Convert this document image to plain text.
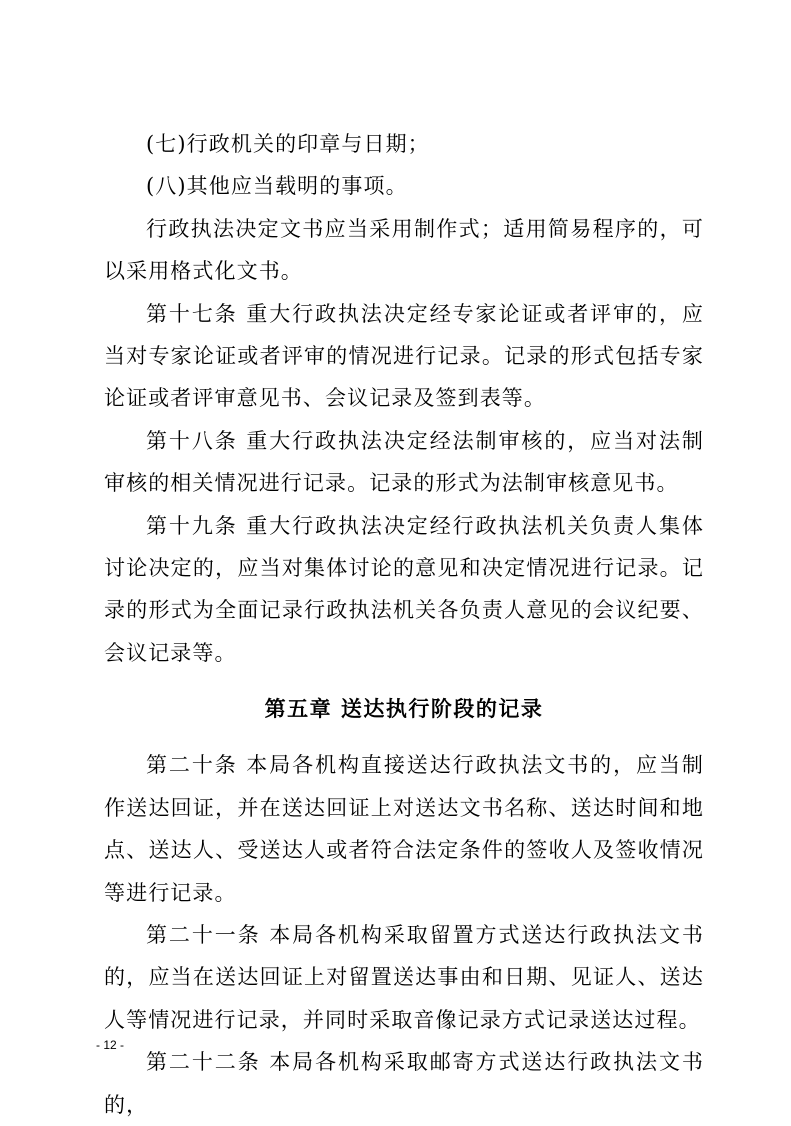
(七)行政机关的印章与日期；

(八)其他应当载明的事项。

行政执法决定文书应当采用制作式；适用简易程序的，可以采用格式化文书。

第十七条 重大行政执法决定经专家论证或者评审的，应当对专家论证或者评审的情况进行记录。记录的形式包括专家论证或者评审意见书、会议记录及签到表等。

第十八条 重大行政执法决定经法制审核的，应当对法制审核的相关情况进行记录。记录的形式为法制审核意见书。

第十九条 重大行政执法决定经行政执法机关负责人集体讨论决定的，应当对集体讨论的意见和决定情况进行记录。记录的形式为全面记录行政执法机关各负责人意见的会议纪要、会议记录等。

第五章 送达执行阶段的记录

第二十条 本局各机构直接送达行政执法文书的，应当制作送达回证，并在送达回证上对送达文书名称、送达时间和地点、送达人、受送达人或者符合法定条件的签收人及签收情况等进行记录。

第二十一条 本局各机构采取留置方式送达行政执法文书的，应当在送达回证上对留置送达事由和日期、见证人、送达人等情况进行记录，并同时采取音像记录方式记录送达过程。

第二十二条 本局各机构采取邮寄方式送达行政执法文书的，

- 12 -
